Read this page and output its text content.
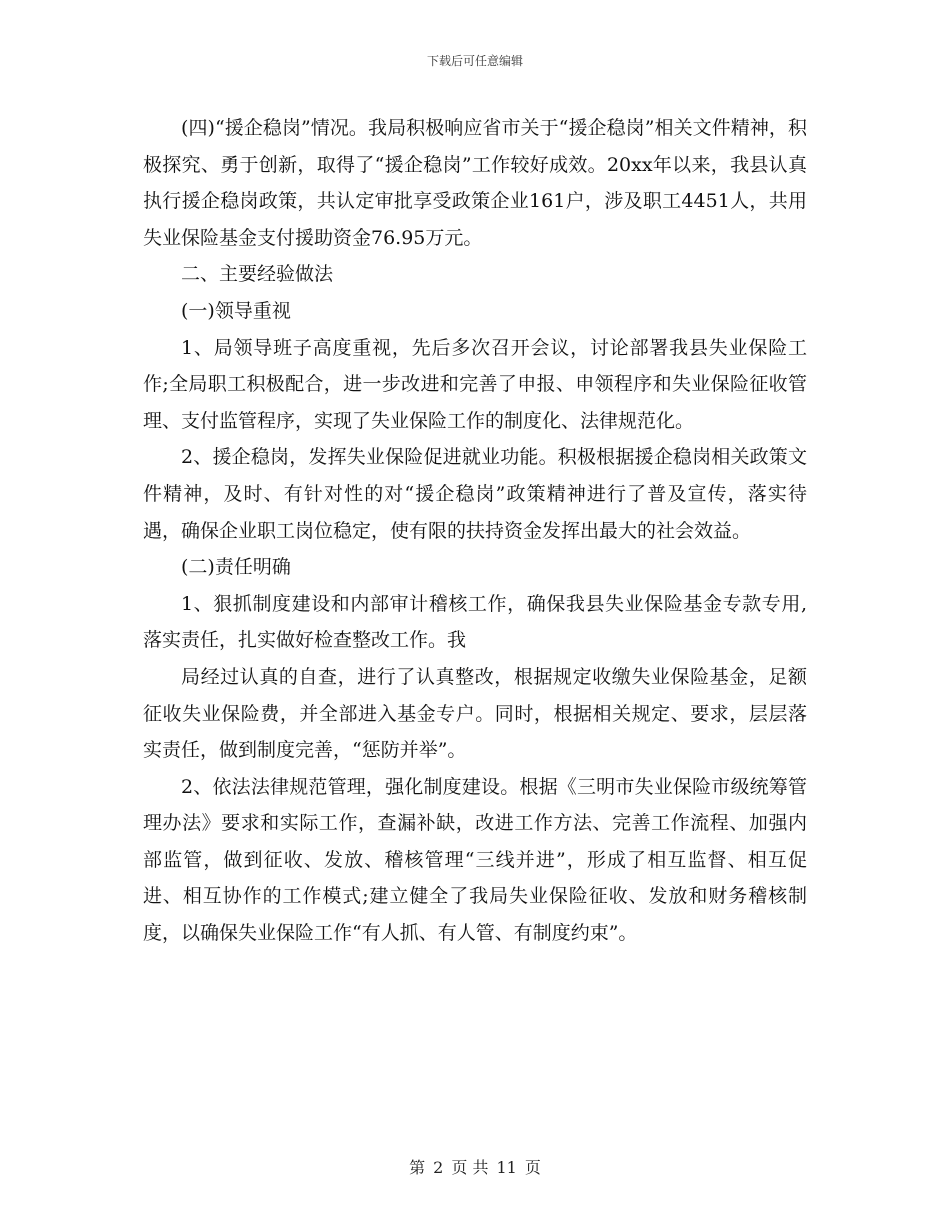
下载后可任意编辑

(四)“援企稳岗”情况。我局积极响应省市关于“援企稳岗”相关文件精神，积极探究、勇于创新，取得了“援企稳岗”工作较好成效。20xx年以来，我县认真执行援企稳岗政策，共认定审批享受政策企业161户，涉及职工4451人，共用失业保险基金支付援助资金76.95万元。

二、主要经验做法

(一)领导重视

1、局领导班子高度重视，先后多次召开会议，讨论部署我县失业保险工作;全局职工积极配合，进一步改进和完善了申报、申领程序和失业保险征收管理、支付监管程序，实现了失业保险工作的制度化、法律规范化。

2、援企稳岗，发挥失业保险促进就业功能。积极根据援企稳岗相关政策文件精神，及时、有针对性的对“援企稳岗”政策精神进行了普及宣传，落实待遇，确保企业职工岗位稳定，使有限的扶持资金发挥出最大的社会效益。

(二)责任明确

1、狠抓制度建设和内部审计稽核工作，确保我县失业保险基金专款专用,落实责任，扎实做好检查整改工作。我

局经过认真的自查，进行了认真整改，根据规定收缴失业保险基金，足额征收失业保险费，并全部进入基金专户。同时，根据相关规定、要求，层层落实责任，做到制度完善，“惩防并举”。

2、依法法律规范管理，强化制度建设。根据《三明市失业保险市级统筹管理办法》要求和实际工作，查漏补缺，改进工作方法、完善工作流程、加强内部监管，做到征收、发放、稽核管理“三线并进”，形成了相互监督、相互促进、相互协作的工作模式;建立健全了我局失业保险征收、发放和财务稽核制度，以确保失业保险工作“有人抓、有人管、有制度约束”。

第 2 页 共 11 页
